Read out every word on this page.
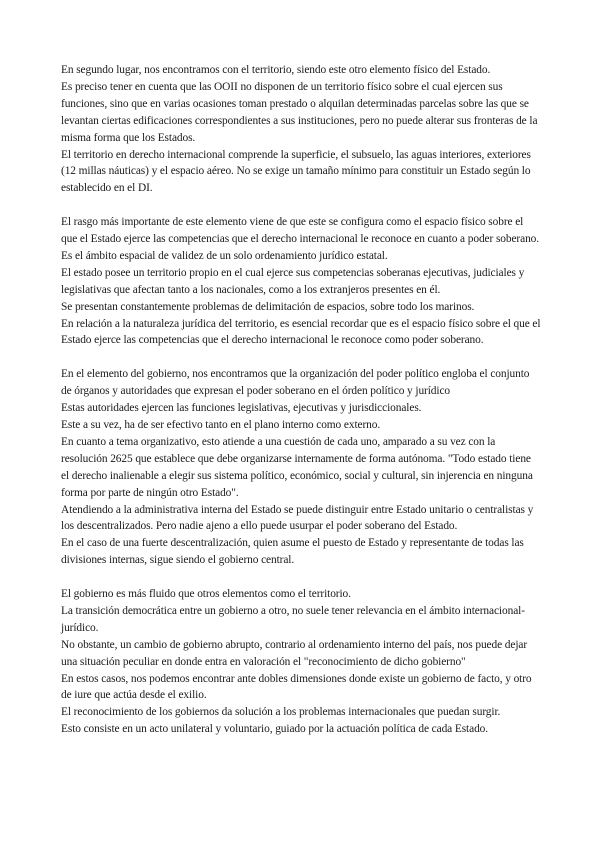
En segundo lugar, nos encontramos con el territorio, siendo este otro elemento físico del Estado.

Es preciso tener en cuenta que las OOII no disponen de un territorio físico sobre el cual ejercen sus funciones, sino que en varias ocasiones toman prestado o alquilan determinadas parcelas sobre las que se levantan ciertas edificaciones correspondientes a sus instituciones, pero no puede alterar sus fronteras de la misma forma que los Estados.

El territorio en derecho internacional comprende la superficie, el subsuelo, las aguas interiores, exteriores (12 millas náuticas) y el espacio aéreo. No se exige un tamaño mínimo para constituir un Estado según lo establecido en el DI.

El rasgo más importante de este elemento viene de que este se configura como el espacio físico sobre el que el Estado ejerce las competencias que el derecho internacional le reconoce en cuanto a poder soberano.

Es el ámbito espacial de validez de un solo ordenamiento jurídico estatal.

El estado posee un territorio propio en el cual ejerce sus competencias soberanas ejecutivas, judiciales y legislativas que afectan tanto a los nacionales, como a los extranjeros presentes en él.

Se presentan constantemente problemas de delimitación de espacios, sobre todo los marinos.

En relación a la naturaleza jurídica del territorio, es esencial recordar que es el espacio físico sobre el que el Estado ejerce las competencias que el derecho internacional le reconoce como poder soberano.

En el elemento del gobierno, nos encontramos que la organización del poder político engloba el conjunto de órganos y autoridades que expresan el poder soberano en el órden político y jurídico

Estas autoridades ejercen las funciones legislativas, ejecutivas y jurisdiccionales.

Este a su vez, ha de ser efectivo tanto en el plano interno como externo.

En cuanto a tema organizativo, esto atiende a una cuestión de cada uno, amparado a su vez con la resolución 2625 que establece que debe organizarse internamente de forma autónoma. "Todo estado tiene el derecho inalienable a elegir sus sistema político, económico, social y cultural, sin injerencia en ninguna forma por parte de ningún otro Estado".

Atendiendo a la administrativa interna del Estado se puede distinguir entre Estado unitario o centralistas y los descentralizados. Pero nadie ajeno a ello puede usurpar el poder soberano del Estado.

En el caso de una fuerte descentralización, quien asume el puesto de Estado y representante de todas las divisiones internas, sigue siendo el gobierno central.

El gobierno es más fluido que otros elementos como el territorio.

La transición democrática entre un gobierno a otro, no suele tener relevancia en el ámbito internacional-jurídico.

No obstante, un cambio de gobierno abrupto, contrario al ordenamiento interno del país, nos puede dejar una situación peculiar en donde entra en valoración el "reconocimiento de dicho gobierno"

En estos casos, nos podemos encontrar ante dobles dimensiones donde existe un gobierno de facto, y otro de iure que actúa desde el exilio.

El reconocimiento de los gobiernos da solución a los problemas internacionales que puedan surgir.

Esto consiste en un acto unilateral y voluntario, guiado por la actuación política de cada Estado.
